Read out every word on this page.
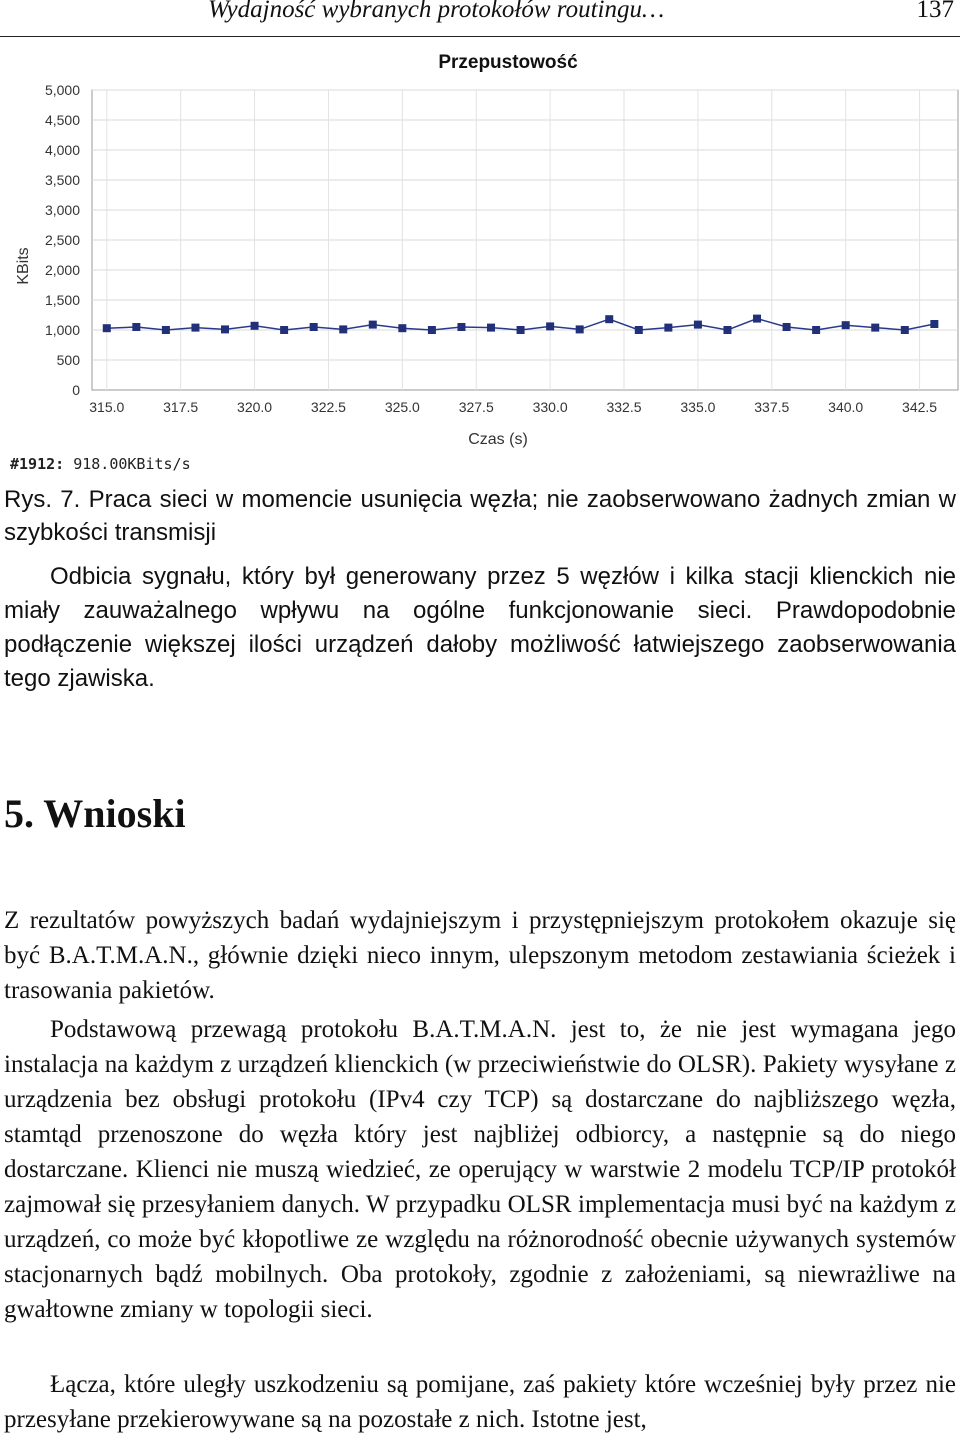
Wydajność wybranych protokołów routingu…	137
Przepustowość
0
500
1,000
1,500
2,000
2,500
3,000
3,500
4,000
4,500
5,000
315.0	317.5	320.0	322.5	325.0	327.5	330.0	332.5	335.0	337.5	340.0	342.5
Czas (s)
KBits
#1912: 918.00KBits/s
Rys. 7. Praca sieci w momencie usunięcia węzła; nie zaobserwowano żadnych zmian w szybkości transmisji
Odbicia sygnału, który był generowany przez 5 węzłów i kilka stacji klienckich nie miały zauważalnego wpływu na ogólne funkcjonowanie sieci. Prawdopodobnie podłączenie większej ilości urządzeń dałoby możliwość łatwiejszego zaobserwowania tego zjawiska.
5. Wnioski
Z rezultatów powyższych badań wydajniejszym i przystępniejszym protokołem okazuje się być B.A.T.M.A.N., głównie dzięki nieco innym, ulepszonym metodom zestawiania ścieżek i trasowania pakietów.
Podstawową przewagą protokołu B.A.T.M.A.N. jest to, że nie jest wymagana jego instalacja na każdym z urządzeń klienckich (w przeciwieństwie do OLSR). Pakiety wysyłane z urządzenia bez obsługi protokołu (IPv4 czy TCP) są dostarczane do najbliższego węzła, stamtąd przenoszone do węzła który jest najbliżej odbiorcy, a następnie są do niego dostarczane. Klienci nie muszą wiedzieć, ze operujący w warstwie 2 modelu TCP/IP protokół zajmował się przesyłaniem danych. W przypadku OLSR implementacja musi być na każdym z urządzeń, co może być kłopotliwe ze względu na różnorodność obecnie używanych systemów stacjonarnych bądź mobilnych. Oba protokoły, zgodnie z założeniami, są niewrażliwe na gwałtowne zmiany w topologii sieci.
Łącza, które uległy uszkodzeniu są pomijane, zaś pakiety które wcześniej były przez nie przesyłane przekierowywane są na pozostałe z nich. Istotne jest,
